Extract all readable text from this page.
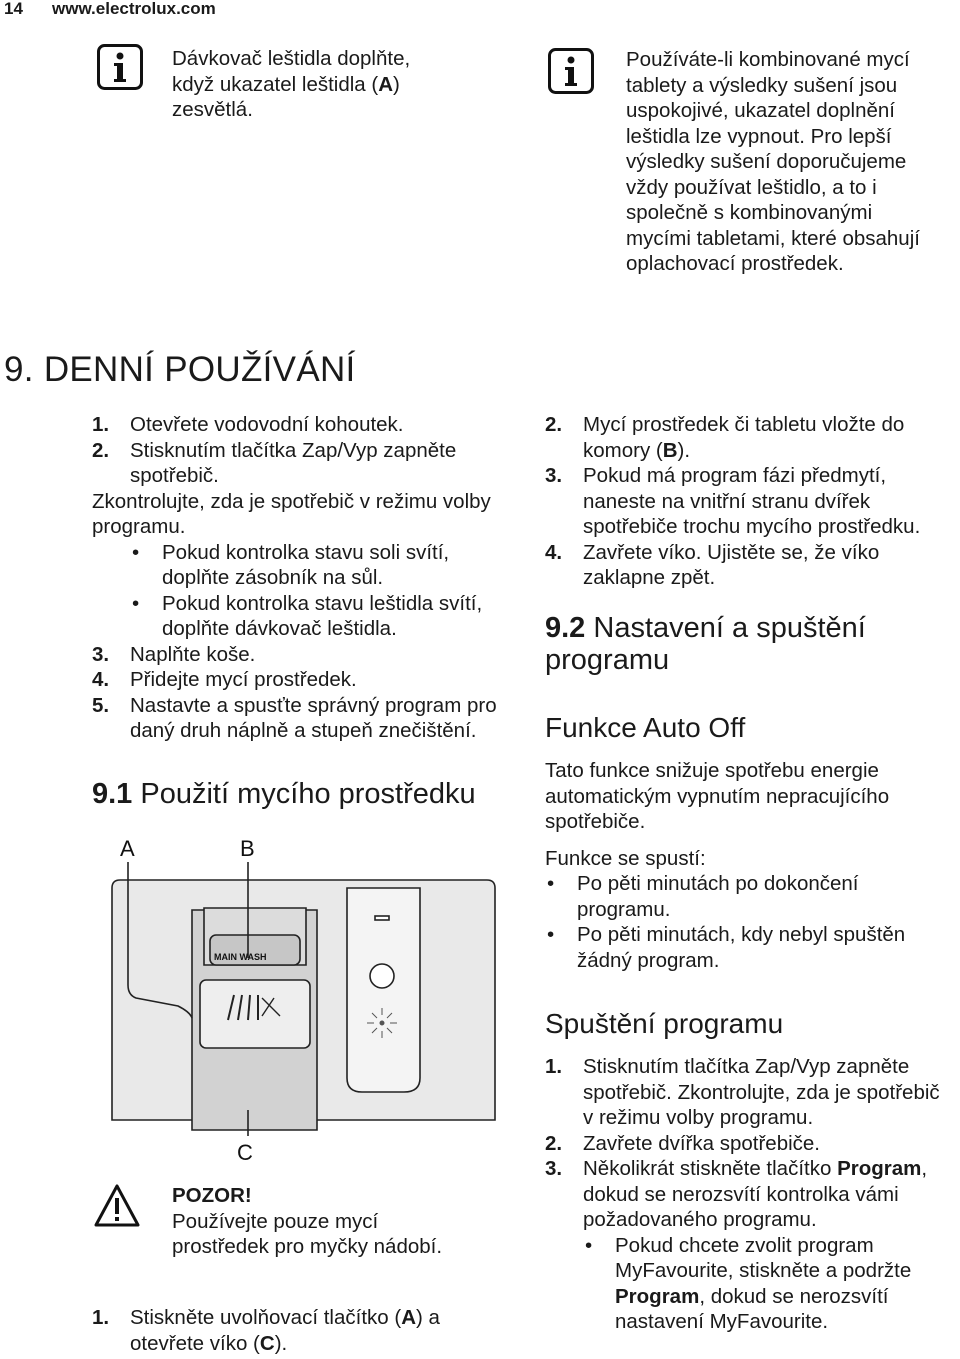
14 www.electrolux.com
Dávkovač leštidla doplňte,
když ukazatel leštidla (A)
zesvětlá.
Používáte-li kombinované mycí tablety a výsledky sušení jsou uspokojivé, ukazatel doplnění leštidla lze vypnout. Pro lepší výsledky sušení doporučujeme vždy používat leštidlo, a to i společně s kombinovanými mycími tabletami, které obsahují oplachovací prostředek.
9. DENNÍ POUŽÍVÁNÍ
1. Otevřete vodovodní kohoutek.
2. Stisknutím tlačítka Zap/Vyp zapněte spotřebič.
Zkontrolujte, zda je spotřebič v režimu volby programu.
• Pokud kontrolka stavu soli svítí, doplňte zásobník na sůl.
• Pokud kontrolka stavu leštidla svítí, doplňte dávkovač leštidla.
3. Naplňte koše.
4. Přidejte mycí prostředek.
5. Nastavte a spusťte správný program pro daný druh náplně a stupeň znečištění.
9.1 Použití mycího prostředku
A	B
C
MAIN WASH
POZOR!
Používejte pouze mycí prostředek pro myčky nádobí.
1. Stiskněte uvolňovací tlačítko (A) a otevřete víko (C).
2. Mycí prostředek či tabletu vložte do komory (B).
3. Pokud má program fázi předmytí, naneste na vnitřní stranu dvířek spotřebiče trochu mycího prostředku.
4. Zavřete víko. Ujistěte se, že víko zaklapne zpět.
9.2 Nastavení a spuštění programu
Funkce Auto Off
Tato funkce snižuje spotřebu energie automatickým vypnutím nepracujícího spotřebiče.
Funkce se spustí:
• Po pěti minutách po dokončení programu.
• Po pěti minutách, kdy nebyl spuštěn žádný program.
Spuštění programu
1. Stisknutím tlačítka Zap/Vyp zapněte spotřebič. Zkontrolujte, zda je spotřebič v režimu volby programu.
2. Zavřete dvířka spotřebiče.
3. Několikrát stiskněte tlačítko Program, dokud se nerozsvítí kontrolka vámi požadovaného programu.
• Pokud chcete zvolit program MyFavourite, stiskněte a podržte Program, dokud se nerozsvítí nastavení MyFavourite.
